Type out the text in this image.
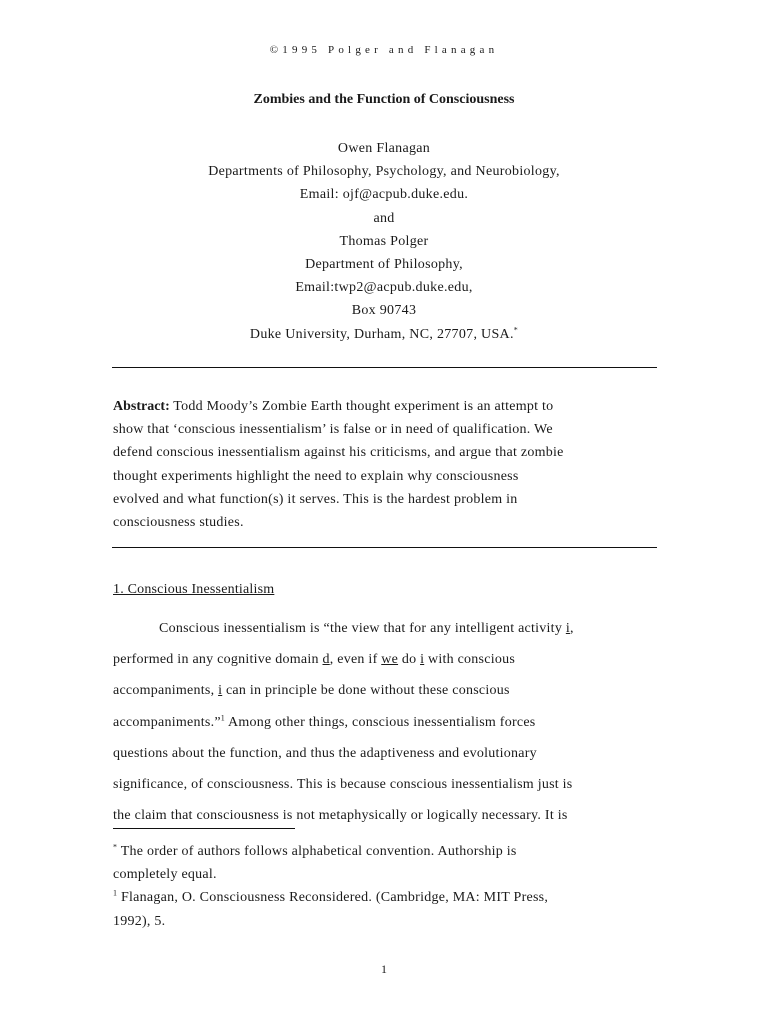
©1995 Polger and Flanagan
Zombies and the Function of Consciousness
Owen Flanagan
Departments of Philosophy, Psychology, and Neurobiology,
Email: ojf@acpub.duke.edu.
and
Thomas Polger
Department of Philosophy,
Email:twp2@acpub.duke.edu,
Box 90743
Duke University, Durham, NC, 27707, USA.*
Abstract: Todd Moody’s Zombie Earth thought experiment is an attempt to
show that ‘conscious inessentialism’ is false or in need of qualification. We
defend conscious inessentialism against his criticisms, and argue that zombie
thought experiments highlight the need to explain why consciousness
evolved and what function(s) it serves. This is the hardest problem in
consciousness studies.
1. Conscious Inessentialism
Conscious inessentialism is “the view that for any intelligent activity i,
performed in any cognitive domain d, even if we do i with conscious
accompaniments, i can in principle be done without these conscious
accompaniments.”$^1$ Among other things, conscious inessentialism forces
questions about the function, and thus the adaptiveness and evolutionary
significance, of consciousness. This is because conscious inessentialism just is
the claim that consciousness is not metaphysically or logically necessary. It is
* The order of authors follows alphabetical convention. Authorship is
completely equal.
$^1$ Flanagan, O. Consciousness Reconsidered. (Cambridge, MA: MIT Press,
1992), 5.
1
